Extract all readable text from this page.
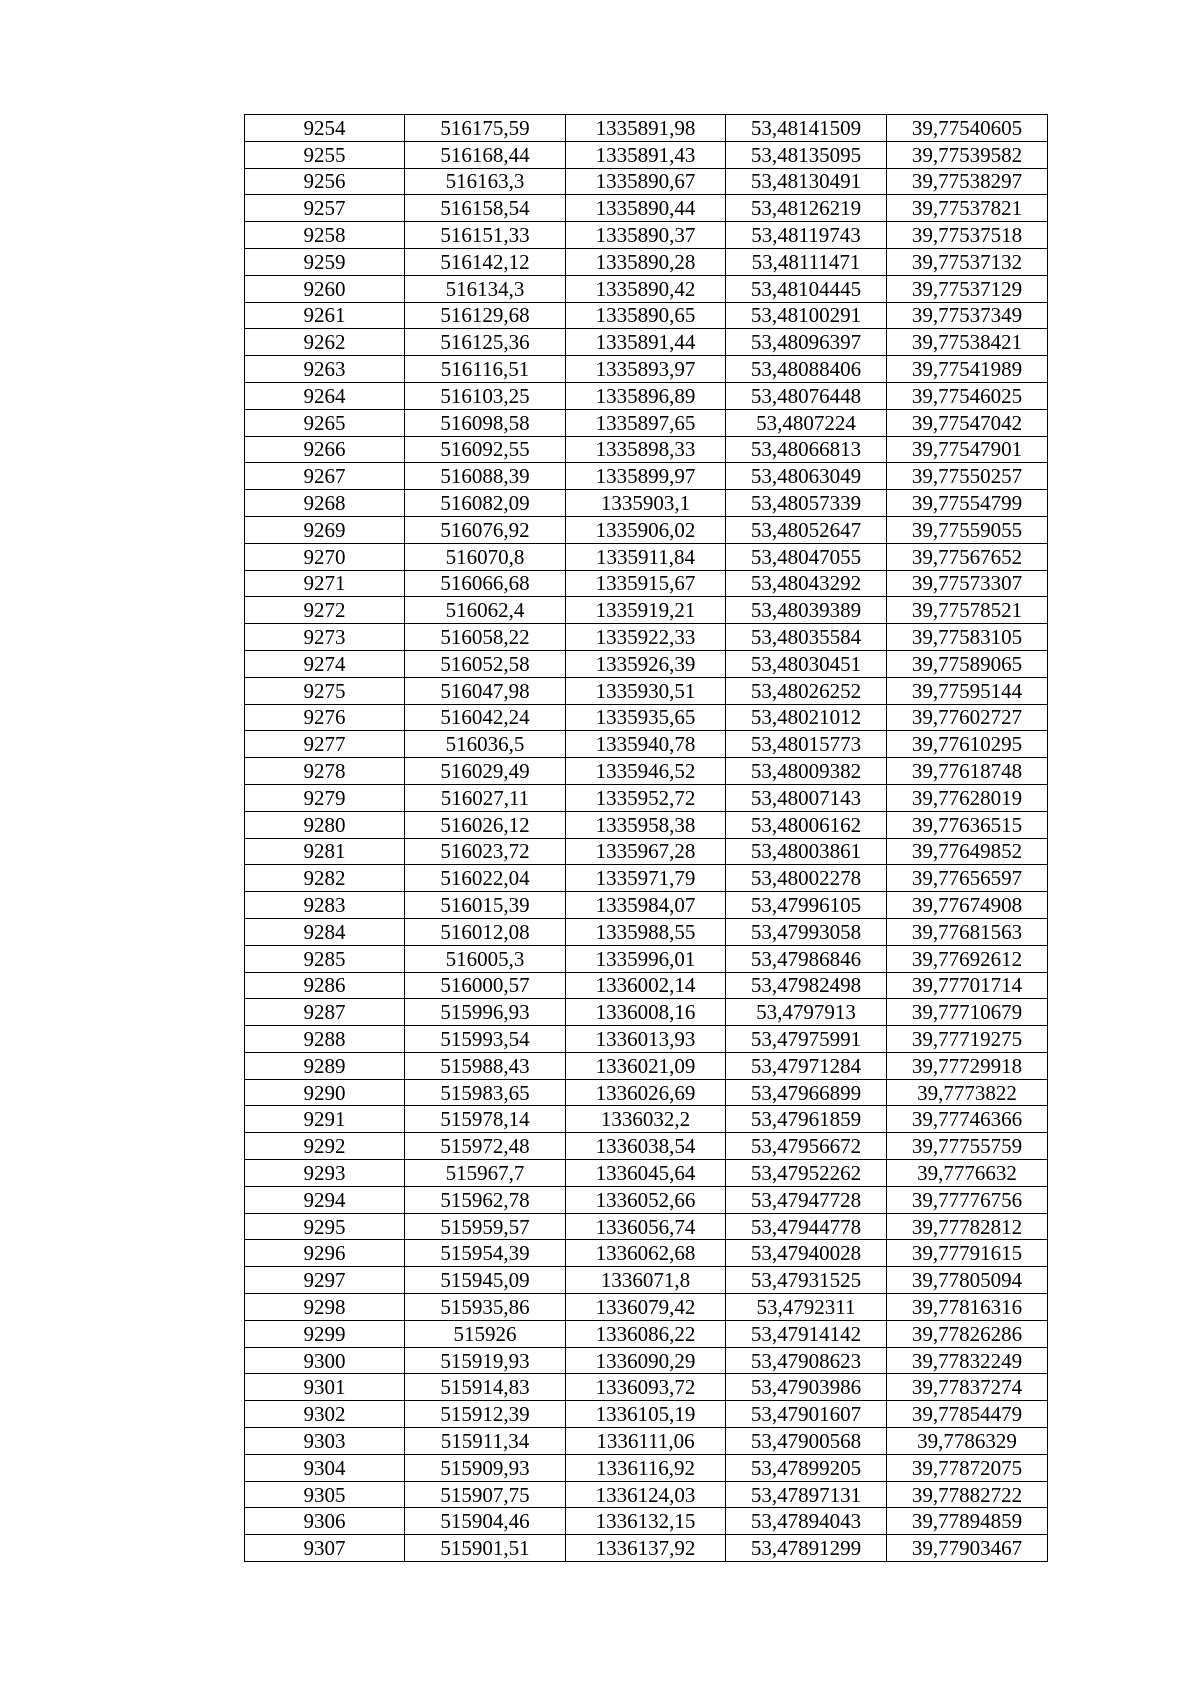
9254	516175,59	1335891,98	53,48141509	39,77540605
9255	516168,44	1335891,43	53,48135095	39,77539582
9256	516163,3	1335890,67	53,48130491	39,77538297
9257	516158,54	1335890,44	53,48126219	39,77537821
9258	516151,33	1335890,37	53,48119743	39,77537518
9259	516142,12	1335890,28	53,48111471	39,77537132
9260	516134,3	1335890,42	53,48104445	39,77537129
9261	516129,68	1335890,65	53,48100291	39,77537349
9262	516125,36	1335891,44	53,48096397	39,77538421
9263	516116,51	1335893,97	53,48088406	39,77541989
9264	516103,25	1335896,89	53,48076448	39,77546025
9265	516098,58	1335897,65	53,4807224	39,77547042
9266	516092,55	1335898,33	53,48066813	39,77547901
9267	516088,39	1335899,97	53,48063049	39,77550257
9268	516082,09	1335903,1	53,48057339	39,77554799
9269	516076,92	1335906,02	53,48052647	39,77559055
9270	516070,8	1335911,84	53,48047055	39,77567652
9271	516066,68	1335915,67	53,48043292	39,77573307
9272	516062,4	1335919,21	53,48039389	39,77578521
9273	516058,22	1335922,33	53,48035584	39,77583105
9274	516052,58	1335926,39	53,48030451	39,77589065
9275	516047,98	1335930,51	53,48026252	39,77595144
9276	516042,24	1335935,65	53,48021012	39,77602727
9277	516036,5	1335940,78	53,48015773	39,77610295
9278	516029,49	1335946,52	53,48009382	39,77618748
9279	516027,11	1335952,72	53,48007143	39,77628019
9280	516026,12	1335958,38	53,48006162	39,77636515
9281	516023,72	1335967,28	53,48003861	39,77649852
9282	516022,04	1335971,79	53,48002278	39,77656597
9283	516015,39	1335984,07	53,47996105	39,77674908
9284	516012,08	1335988,55	53,47993058	39,77681563
9285	516005,3	1335996,01	53,47986846	39,77692612
9286	516000,57	1336002,14	53,47982498	39,77701714
9287	515996,93	1336008,16	53,4797913	39,77710679
9288	515993,54	1336013,93	53,47975991	39,77719275
9289	515988,43	1336021,09	53,47971284	39,77729918
9290	515983,65	1336026,69	53,47966899	39,7773822
9291	515978,14	1336032,2	53,47961859	39,77746366
9292	515972,48	1336038,54	53,47956672	39,77755759
9293	515967,7	1336045,64	53,47952262	39,7776632
9294	515962,78	1336052,66	53,47947728	39,77776756
9295	515959,57	1336056,74	53,47944778	39,77782812
9296	515954,39	1336062,68	53,47940028	39,77791615
9297	515945,09	1336071,8	53,47931525	39,77805094
9298	515935,86	1336079,42	53,4792311	39,77816316
9299	515926	1336086,22	53,47914142	39,77826286
9300	515919,93	1336090,29	53,47908623	39,77832249
9301	515914,83	1336093,72	53,47903986	39,77837274
9302	515912,39	1336105,19	53,47901607	39,77854479
9303	515911,34	1336111,06	53,47900568	39,7786329
9304	515909,93	1336116,92	53,47899205	39,77872075
9305	515907,75	1336124,03	53,47897131	39,77882722
9306	515904,46	1336132,15	53,47894043	39,77894859
9307	515901,51	1336137,92	53,47891299	39,77903467
